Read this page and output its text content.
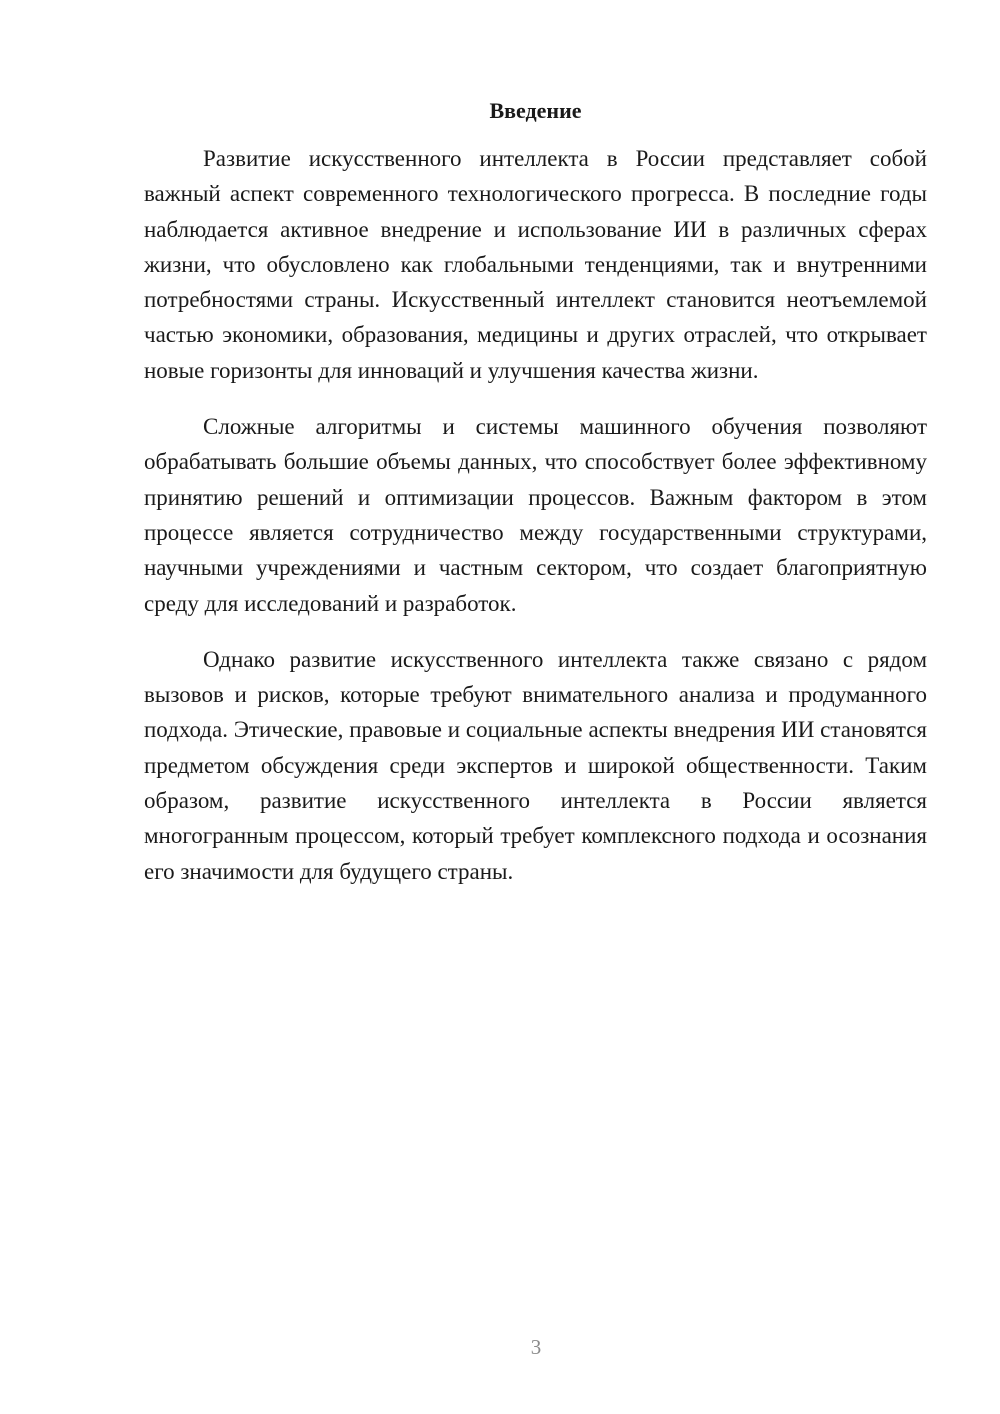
Введение

Развитие искусственного интеллекта в России представляет собой важный аспект современного технологического прогресса. В последние годы наблюдается активное внедрение и использование ИИ в различных сферах жизни, что обусловлено как глобальными тенденциями, так и внутренними потребностями страны. Искусственный интеллект становится неотъемлемой частью экономики, образования, медицины и других отраслей, что открывает новые горизонты для инноваций и улучшения качества жизни.

Сложные алгоритмы и системы машинного обучения позволяют обрабатывать большие объемы данных, что способствует более эффективному принятию решений и оптимизации процессов. Важным фактором в этом процессе является сотрудничество между государственными структурами, научными учреждениями и частным сектором, что создает благоприятную среду для исследований и разработок.

Однако развитие искусственного интеллекта также связано с рядом вызовов и рисков, которые требуют внимательного анализа и продуманного подхода. Этические, правовые и социальные аспекты внедрения ИИ становятся предметом обсуждения среди экспертов и широкой общественности. Таким образом, развитие искусственного интеллекта в России является многогранным процессом, который требует комплексного подхода и осознания его значимости для будущего страны.

3
